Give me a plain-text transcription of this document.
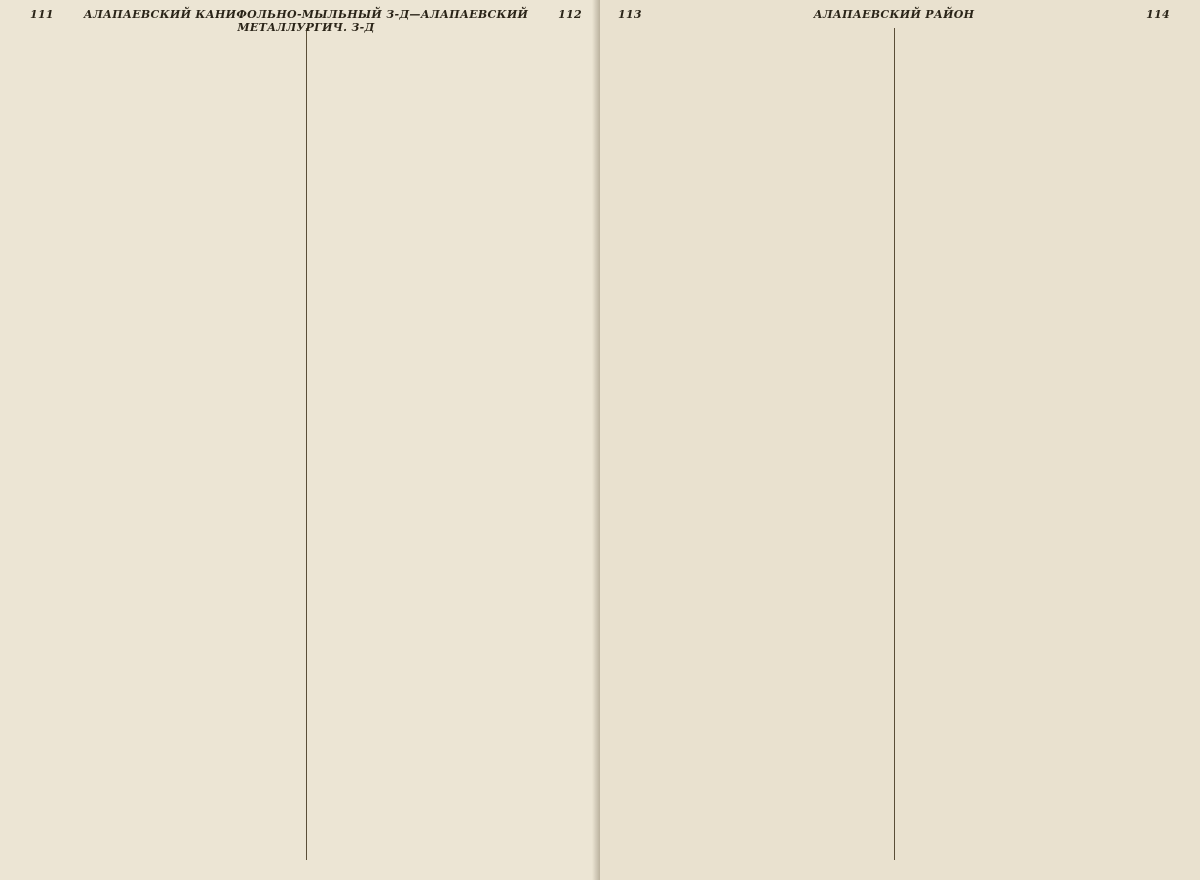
111	АЛАПАЕВСКИЙ КАНИФОЛЬНО-МЫЛЬНЫЙ З-Д—АЛАПАЕВСКИЙ МЕТАЛЛУРГИЧ. З-Д
112	113	АЛАПАЕВСКИЙ РАЙОН	114
